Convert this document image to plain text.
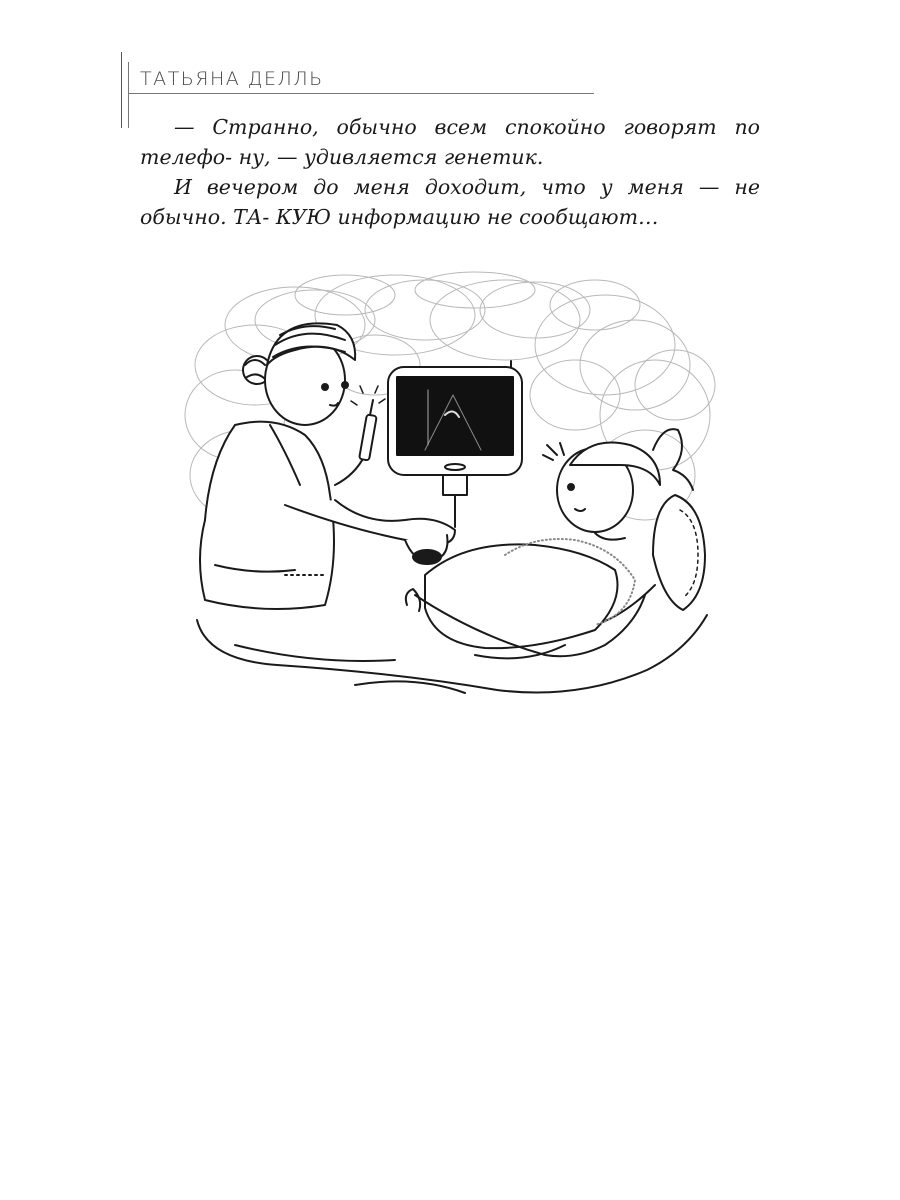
ТАТЬЯНА ДЕЛЛЬ

— Странно, обычно всем спокойно говорят по телефо- ну, — удивляется генетик.

И вечером до меня доходит, что у меня — не обычно. ТА- КУЮ информацию не сообщают…
